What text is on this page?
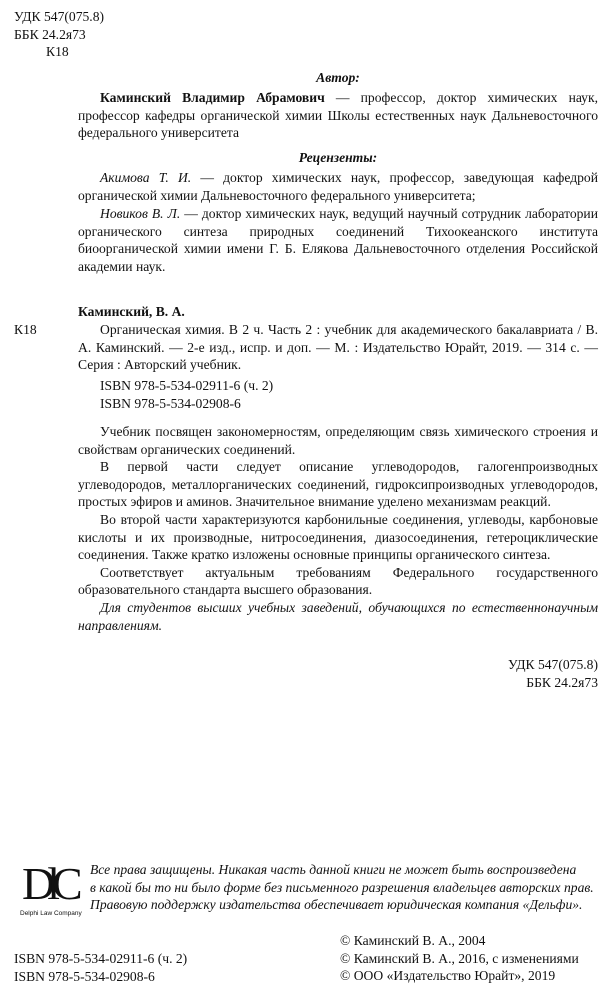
УДК 547(075.8)
ББК 24.2я73
К18
Автор:

Каминский Владимир Абрамович — профессор, доктор химических наук, профессор кафедры органической химии Школы естественных наук Дальневосточного федерального университета

Рецензенты:

Акимова Т. И. — доктор химических наук, профессор, заведующая кафедрой органической химии Дальневосточного федерального университета;

Новиков В. Л. — доктор химических наук, ведущий научный сотрудник лаборатории органического синтеза природных соединений Тихоокеанского института биоорганической химии имени Г. Б. Елякова Дальневосточного отделения Российской академии наук.

Каминский, В. А.
К18	Органическая химия. В 2 ч. Часть 2 : учебник для академического бакалавриата / В. А. Каминский. — 2-е изд., испр. и доп. — М. : Издательство Юрайт, 2019. — 314 с. — Серия : Авторский учебник.

ISBN 978-5-534-02911-6 (ч. 2)
ISBN 978-5-534-02908-6

Учебник посвящен закономерностям, определяющим связь химического строения и свойствам органических соединений.

В первой части следует описание углеводородов, галогенпроизводных углеводородов, металлорганических соединений, гидроксипроизводных углеводородов, простых эфиров и аминов. Значительное внимание уделено механизмам реакций.

Во второй части характеризуются карбонильные соединения, углеводы, карбоновые кислоты и их производные, нитросоединения, диазосоединения, гетероциклические соединения. Также кратко изложены основные принципы органического синтеза.

Соответствует актуальным требованиям Федерального государственного образовательного стандарта высшего образования.

Для студентов высших учебных заведений, обучающихся по естественнонаучным направлениям.

УДК 547(075.8)
ББК 24.2я73
DlC
Delphi Law Company
Все права защищены. Никакая часть данной книги не может быть воспроизведена
в какой бы то ни было форме без письменного разрешения владельцев авторских прав.
Правовую поддержку издательства обеспечивает юридическая компания «Дельфи».
ISBN 978-5-534-02911-6 (ч. 2)
ISBN 978-5-534-02908-6
© Каминский В. А., 2004
© Каминский В. А., 2016, с изменениями
© ООО «Издательство Юрайт», 2019
